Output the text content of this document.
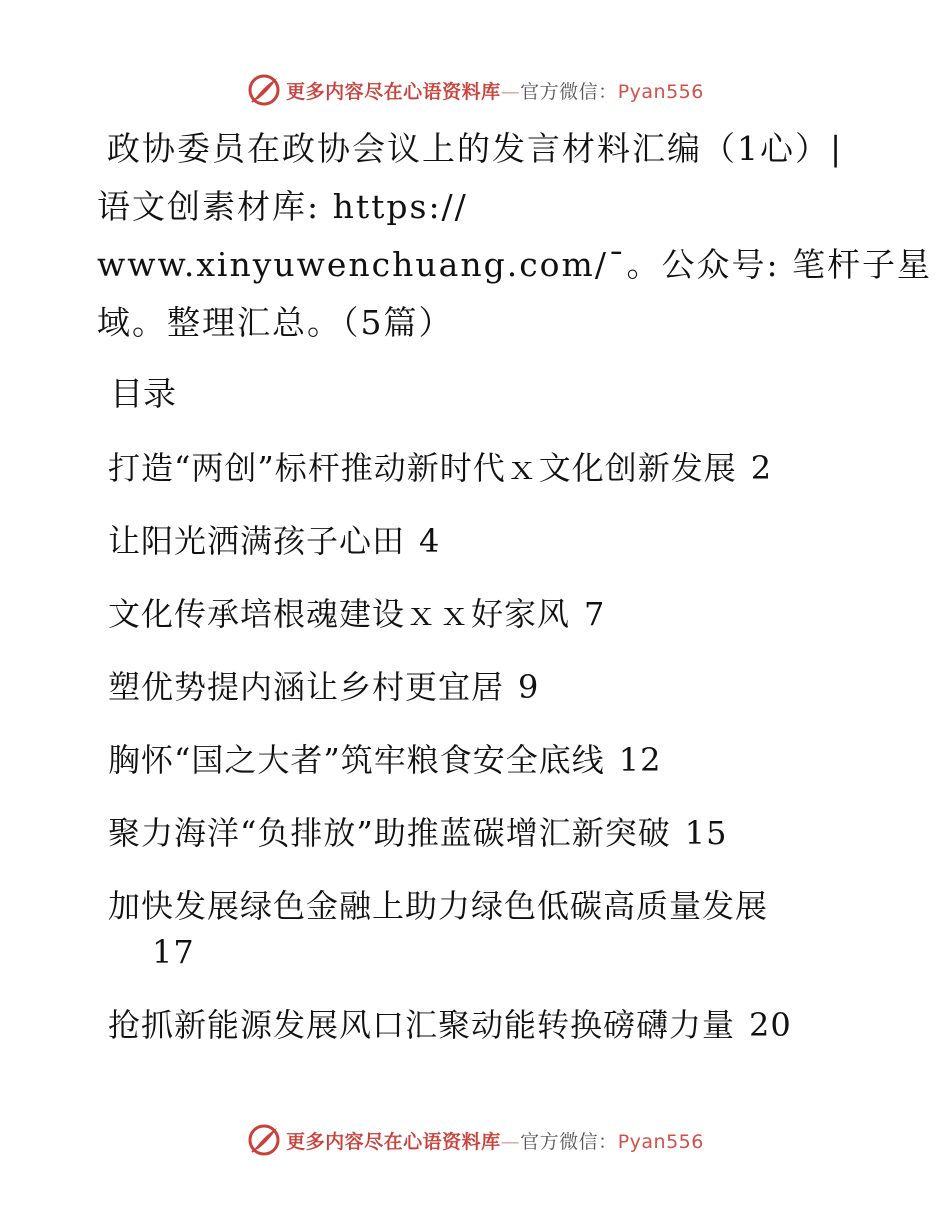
更多内容尽在心语资料库—官方微信：Pyan556
政协委员在政协会议上的发言材料汇编（1心）|
语文创素材库: https://
www.xinyuwenchuang.com/¯。公众号: 笔杆子星
域。整理汇总。（5篇）
目录
打造“两创”标杆推动新时代ｘ文化创新发展 2
让阳光洒满孩子心田 4
文化传承培根魂建设ｘｘ好家风 7
塑优势提内涵让乡村更宜居 9
胸怀“国之大者”筑牢粮食安全底线 12
聚力海洋“负排放”助推蓝碳增汇新突破 15
加快发展绿色金融上助力绿色低碳高质量发展
17
抢抓新能源发展风口汇聚动能转换磅礴力量 20
更多内容尽在心语资料库—官方微信：Pyan556
